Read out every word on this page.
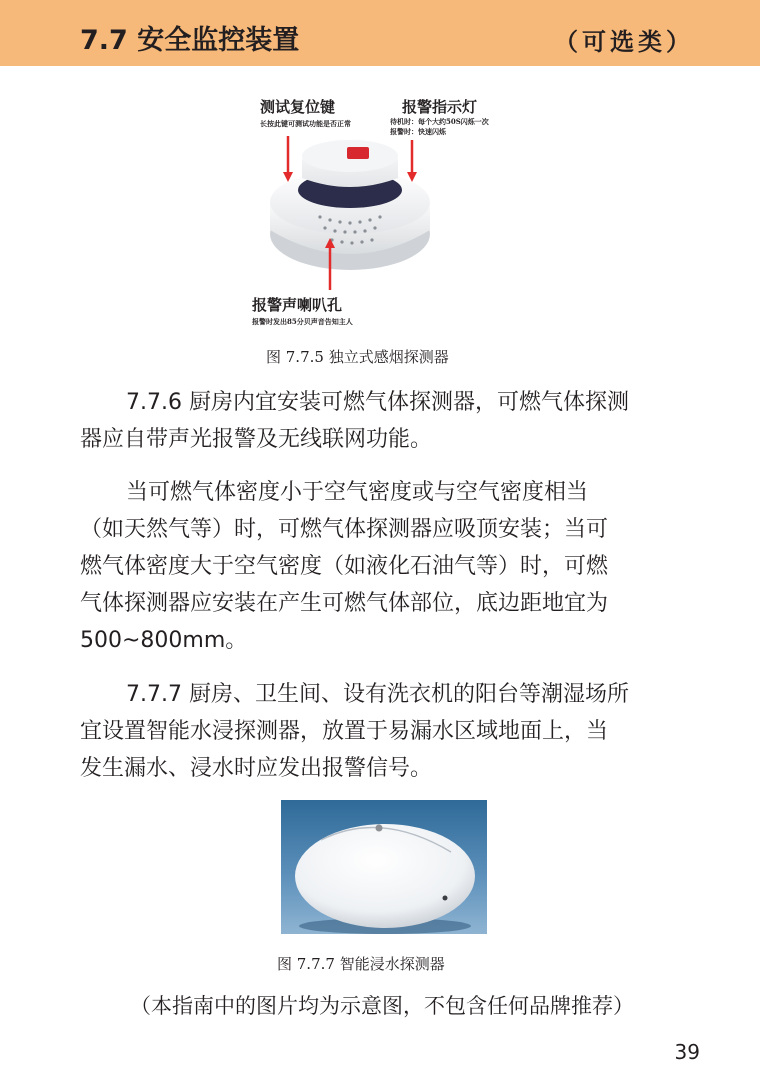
7.7 安全监控装置	（可选类）
测试复位键
长按此键可测试功能是否正常
报警指示灯
待机时：每个大约50S闪烁一次
报警时：快速闪烁
报警声喇叭孔
报警时发出85分贝声音告知主人
图 7.7.5 独立式感烟探测器
7.7.6 厨房内宜安装可燃气体探测器，可燃气体探测
器应自带声光报警及无线联网功能。
当可燃气体密度小于空气密度或与空气密度相当
（如天然气等）时，可燃气体探测器应吸顶安装；当可
燃气体密度大于空气密度（如液化石油气等）时，可燃
气体探测器应安装在产生可燃气体部位，底边距地宜为
500~800mm。
7.7.7 厨房、卫生间、设有洗衣机的阳台等潮湿场所
宜设置智能水浸探测器，放置于易漏水区域地面上，当
发生漏水、浸水时应发出报警信号。
图 7.7.7 智能浸水探测器
（本指南中的图片均为示意图，不包含任何品牌推荐）
39
